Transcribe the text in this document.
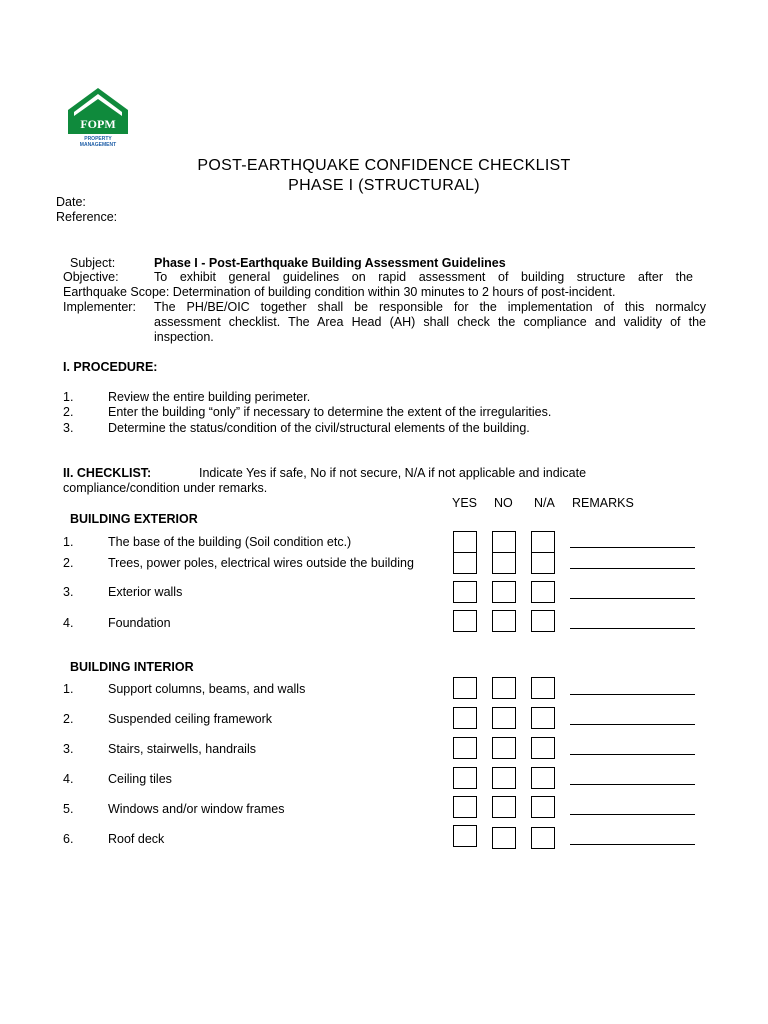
FOPM
PROPERTY
MANAGEMENT
POST-EARTHQUAKE CONFIDENCE CHECKLIST
PHASE I (STRUCTURAL)
Date:
Reference:
Subject:	Phase I - Post-Earthquake Building Assessment Guidelines
Objective:	To exhibit general guidelines on rapid assessment of building structure after the
Earthquake Scope: Determination of building condition within 30 minutes to 2 hours of post-incident.
Implementer: The PH/BE/OIC together shall be responsible for the implementation of this normalcy
assessment checklist. The Area Head (AH) shall check the compliance and validity of the
inspection.
I. PROCEDURE:
1.	Review the entire building perimeter.
2.	Enter the building “only” if necessary to determine the extent of the irregularities.
3.	Determine the status/condition of the civil/structural elements of the building.
II. CHECKLIST:	Indicate Yes if safe, No if not secure, N/A if not applicable and indicate
compliance/condition under remarks.
YES NO N/A REMARKS
BUILDING EXTERIOR
1.	The base of the building (Soil condition etc.)
2.	Trees, power poles, electrical wires outside the building
3.	Exterior walls
4.	Foundation
BUILDING INTERIOR
1.	Support columns, beams, and walls
2.	Suspended ceiling framework
3.	Stairs, stairwells, handrails
4.	Ceiling tiles
5.	Windows and/or window frames
6.	Roof deck
